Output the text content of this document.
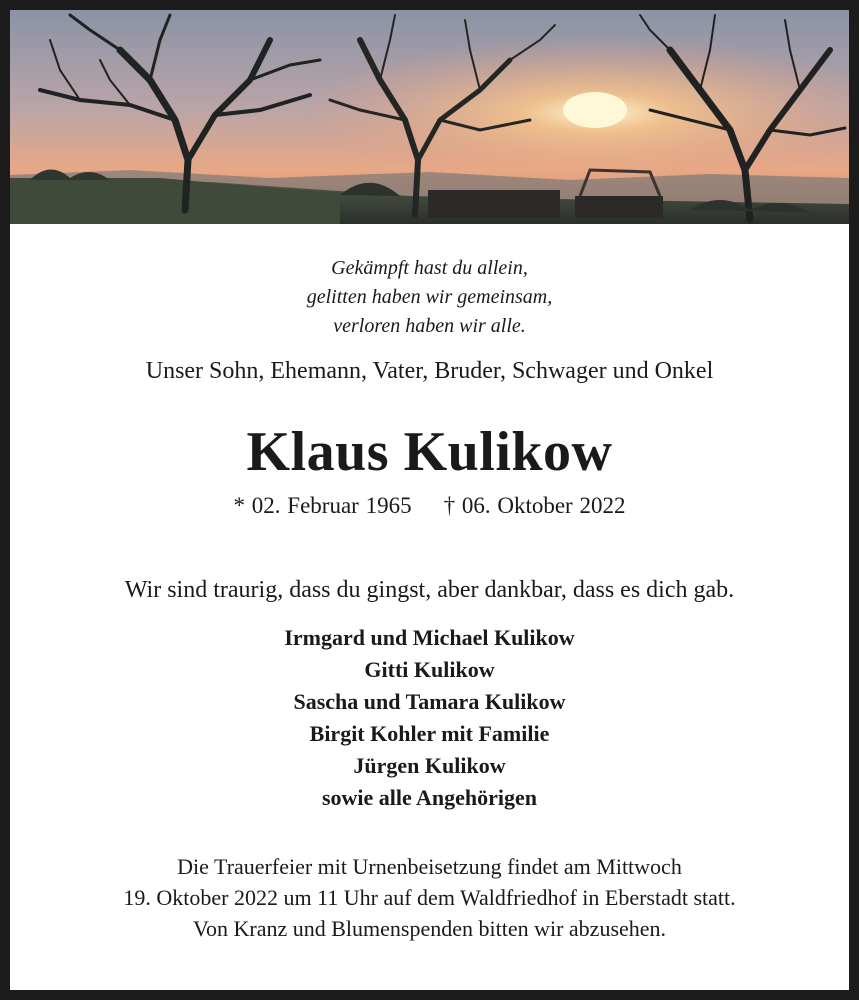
Gekämpft hast du allein,
gelitten haben wir gemeinsam,
verloren haben wir alle.
Unser Sohn, Ehemann, Vater, Bruder, Schwager und Onkel
Klaus Kulikow
* 02. Februar 1965 † 06. Oktober 2022
Wir sind traurig, dass du gingst, aber dankbar, dass es dich gab.
Irmgard und Michael Kulikow
Gitti Kulikow
Sascha und Tamara Kulikow
Birgit Kohler mit Familie
Jürgen Kulikow
sowie alle Angehörigen
Die Trauerfeier mit Urnenbeisetzung findet am Mittwoch
19. Oktober 2022 um 11 Uhr auf dem Waldfriedhof in Eberstadt statt.
Von Kranz und Blumenspenden bitten wir abzusehen.
